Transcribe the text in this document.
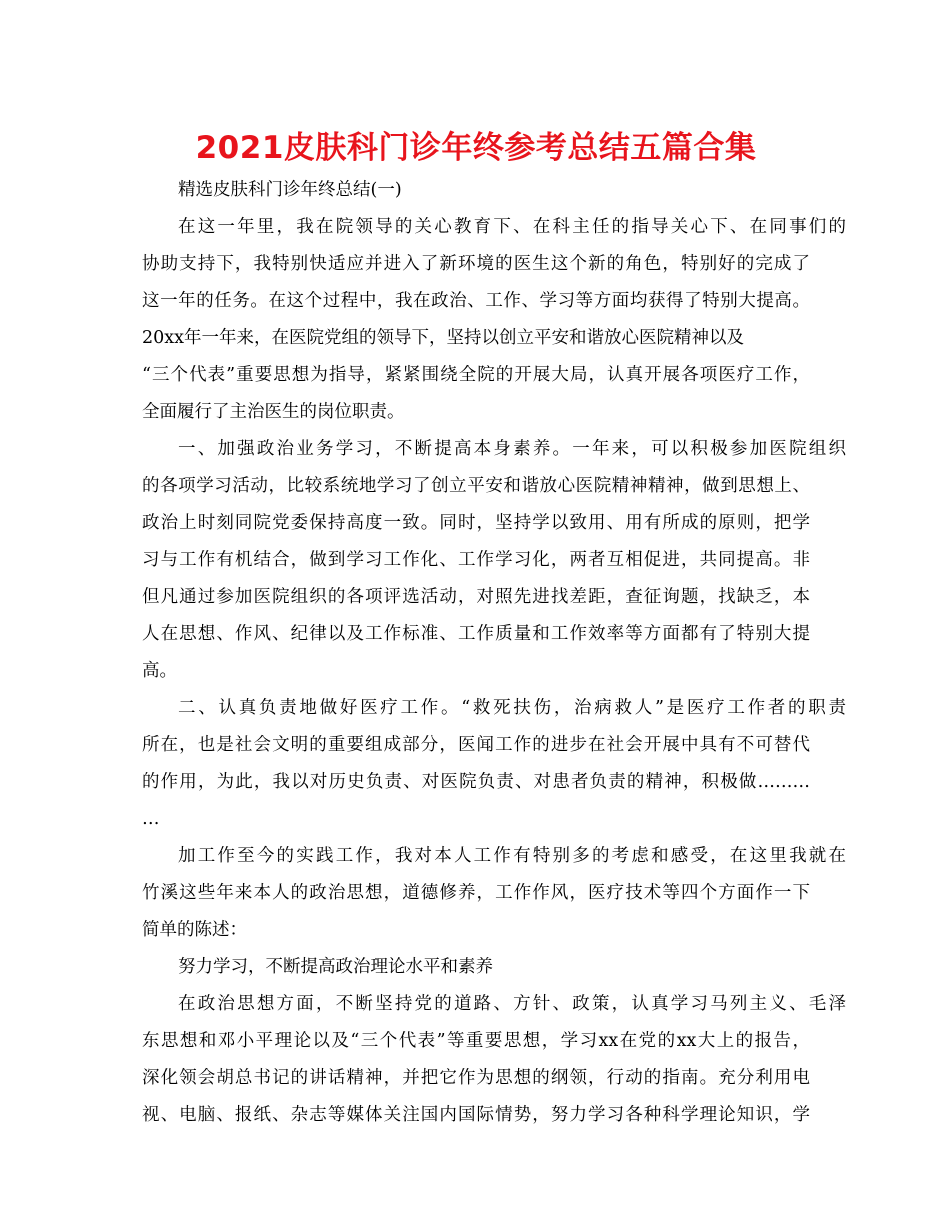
2021皮肤科门诊年终参考总结五篇合集
精选皮肤科门诊年终总结(一)
在这一年里，我在院领导的关心教育下、在科主任的指导关心下、在同事们的
协助支持下，我特别快适应并进入了新环境的医生这个新的角色，特别好的完成了
这一年的任务。在这个过程中，我在政治、工作、学习等方面均获得了特别大提高。
20xx年一年来，在医院党组的领导下，坚持以创立平安和谐放心医院精神以及
“三个代表”重要思想为指导，紧紧围绕全院的开展大局，认真开展各项医疗工作，
全面履行了主治医生的岗位职责。
一、加强政治业务学习，不断提高本身素养。一年来，可以积极参加医院组织
的各项学习活动，比较系统地学习了创立平安和谐放心医院精神精神，做到思想上、
政治上时刻同院党委保持高度一致。同时，坚持学以致用、用有所成的原则，把学
习与工作有机结合，做到学习工作化、工作学习化，两者互相促进，共同提高。非
但凡通过参加医院组织的各项评选活动，对照先进找差距，查征询题，找缺乏，本
人在思想、作风、纪律以及工作标准、工作质量和工作效率等方面都有了特别大提
高。
二、认真负责地做好医疗工作。“救死扶伤，治病救人”是医疗工作者的职责
所在，也是社会文明的重要组成部分，医闻工作的进步在社会开展中具有不可替代
的作用，为此，我以对历史负责、对医院负责、对患者负责的精神，积极做………
…
加工作至今的实践工作，我对本人工作有特别多的考虑和感受，在这里我就在
竹溪这些年来本人的政治思想，道德修养，工作作风，医疗技术等四个方面作一下
简单的陈述：
努力学习，不断提高政治理论水平和素养
在政治思想方面，不断坚持党的道路、方针、政策，认真学习马列主义、毛泽
东思想和邓小平理论以及“三个代表”等重要思想，学习xx在党的xx大上的报告，
深化领会胡总书记的讲话精神，并把它作为思想的纲领，行动的指南。充分利用电
视、电脑、报纸、杂志等媒体关注国内国际情势，努力学习各种科学理论知识，学
